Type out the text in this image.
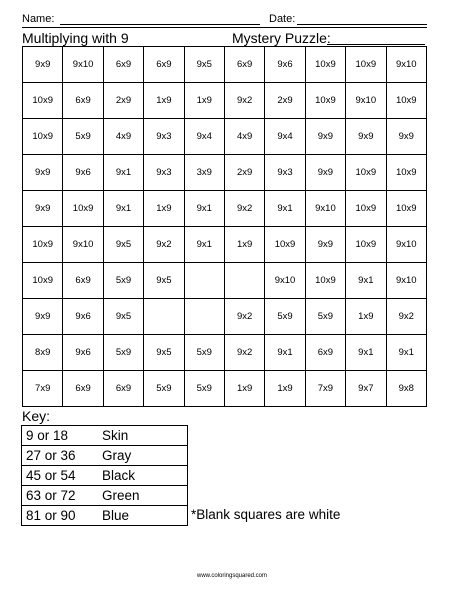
Name:	Date:
Multiplying with 9	Mystery Puzzle:
9x9	9x10	6x9	6x9	9x5	6x9	9x6	10x9	10x9	9x10
10x9	6x9	2x9	1x9	1x9	9x2	2x9	10x9	9x10	10x9
10x9	5x9	4x9	9x3	9x4	4x9	9x4	9x9	9x9	9x9
9x9	9x6	9x1	9x3	3x9	2x9	9x3	9x9	10x9	10x9
9x9	10x9	9x1	1x9	9x1	9x2	9x1	9x10	10x9	10x9
10x9	9x10	9x5	9x2	9x1	1x9	10x9	9x9	10x9	9x10
10x9	6x9	5x9	9x5			9x10	10x9	9x1	9x10
9x9	9x6	9x5			9x2	5x9	5x9	1x9	9x2
8x9	9x6	5x9	9x5	5x9	9x2	9x1	6x9	9x1	9x1
7x9	6x9	6x9	5x9	5x9	1x9	1x9	7x9	9x7	9x8
Key:
9 or 18	Skin
27 or 36	Gray
45 or 54	Black
63 or 72	Green
81 or 90	Blue	*Blank squares are white
www.coloringsquared.com
